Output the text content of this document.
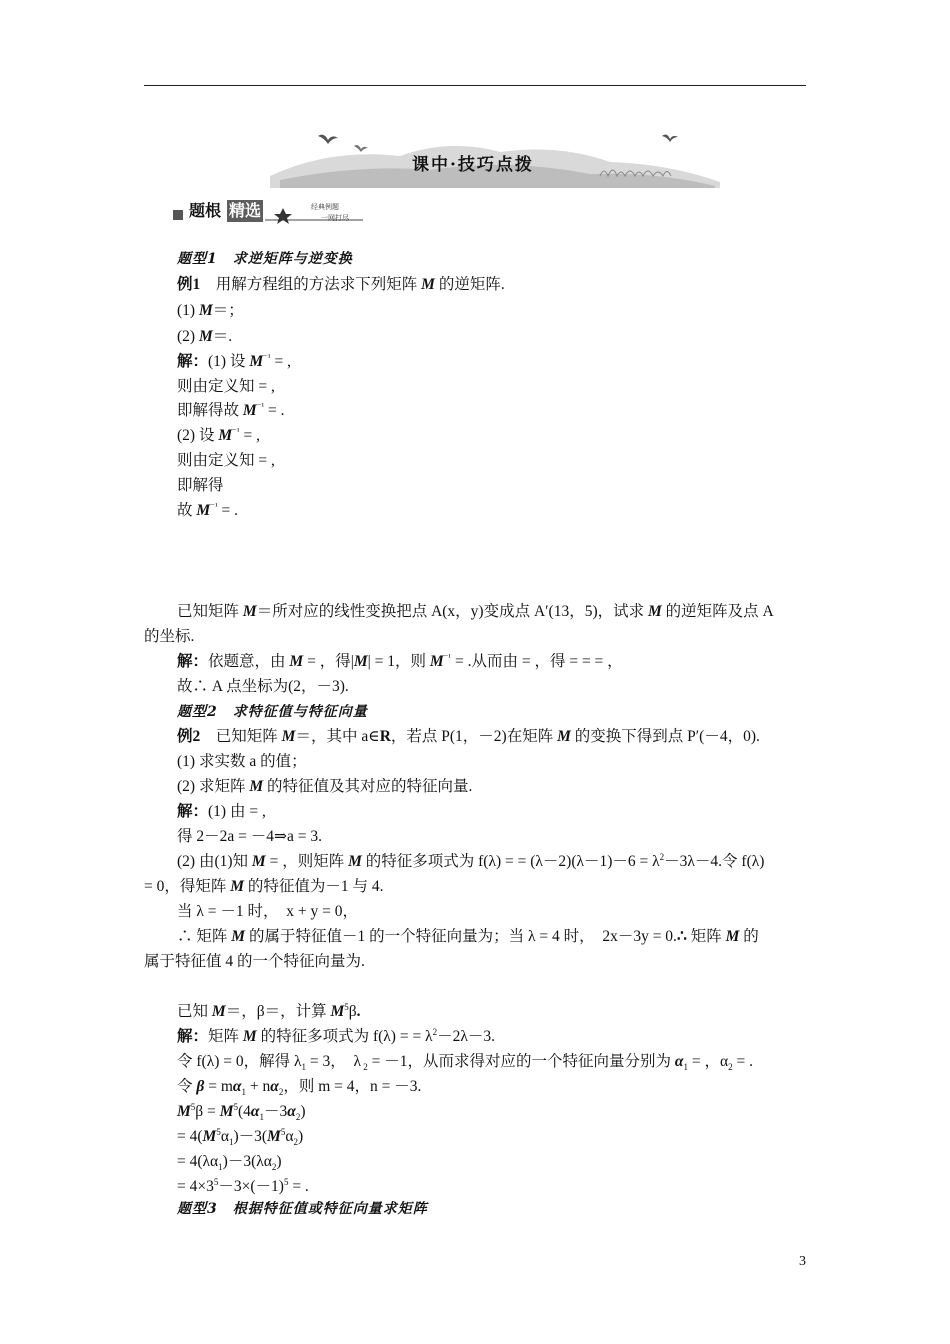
课中·技巧点拨
题根 精选	经典例题
一网打尽
题型1　求逆矩阵与逆变换
例1　用解方程组的方法求下列矩阵 M 的逆矩阵.
(1) M＝；
(2) M＝.
解：(1) 设 $M^{^{-1}}$ = ,
则由定义知 = ,
即解得故 $M^{^{-1}}$ = .
(2) 设 $M^{^{-1}}$ = ,
则由定义知 = ,
即解得
故 $M^{^{-1}}$ = .
已知矩阵 M＝所对应的线性变换把点 A(x，y)变成点 A′(13，5)，试求 M 的逆矩阵及点 A
的坐标.
解：依题意，由 M = ，得|M| = 1，则 $M^{^{-1}}$ = .从而由 = ，得 = = = ，
故∴ A 点坐标为(2，－3).
题型2　求特征值与特征向量
例2　已知矩阵 M＝，其中 a∈R，若点 P(1，－2)在矩阵 M 的变换下得到点 P′(－4，0).
(1) 求实数 a 的值；
(2) 求矩阵 M 的特征值及其对应的特征向量.
解：(1) 由 = ,
得 2－2a = －4⇒a = 3.
(2) 由(1)知 M = ，则矩阵 M 的特征多项式为 f(λ) = = $(\lambda-2)(\lambda-1)-6 = \lambda^2-3\lambda-4$.令 f(λ)
= 0，得矩阵 M 的特征值为－1 与 4.
当 λ = －1 时，　x + y = 0，
∴ 矩阵 M 的属于特征值－1 的一个特征向量为；当 λ = 4 时，　2x－3y = 0.∴ 矩阵 M 的
属于特征值 4 的一个特征向量为.
已知 M＝，β＝，计算 $M^5\beta$.
解：矩阵 M 的特征多项式为 f(λ) = = $\lambda^2-2\lambda-3$.
令 f(λ) = 0，解得 $\lambda_1 = 3$，　λ $_2$ = －1，从而求得对应的一个特征向量分别为 $\alpha_1$ = ，$\alpha_2$ = .
令 $\beta = m\alpha_1 + n\alpha_2$，则 m = 4，n = －3.
$M^5\beta = M^5(4\alpha_1-3\alpha_2)$
= $4(M^5\alpha_1)-3(M^5\alpha_2)$
= $4(\lambda\alpha_1)-3(\lambda\alpha_2)$
= $4\times 3^5-3\times(-1)^5$ = .
题型3　根据特征值或特征向量求矩阵
3
